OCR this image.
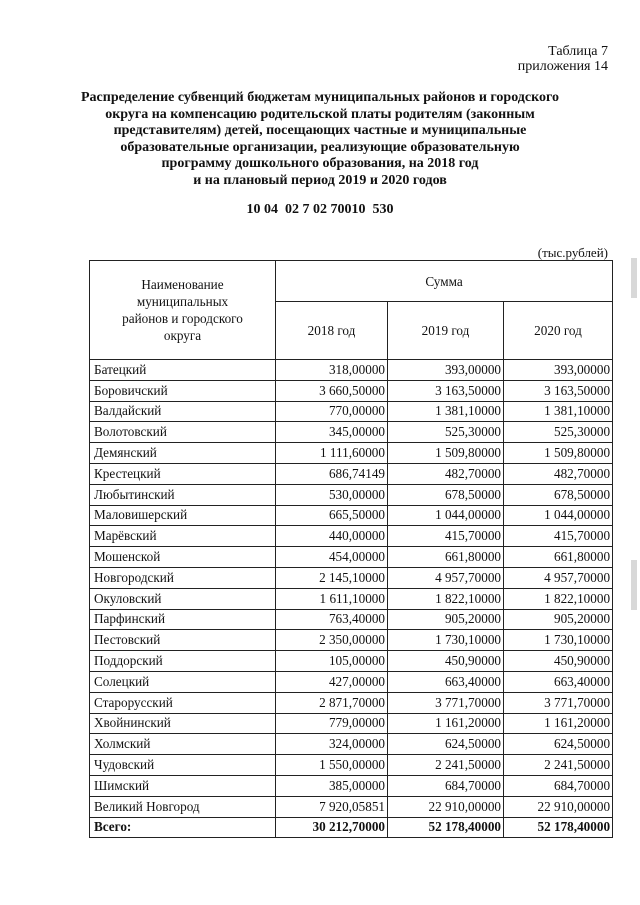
Таблица 7
приложения 14
Распределение субвенций бюджетам муниципальных районов и городского
округа на компенсацию родительской платы родителям (законным
представителям) детей, посещающих частные и муниципальные
образовательные организации, реализующие образовательную
программу дошкольного образования, на 2018 год
и на плановый период 2019 и 2020 годов
10 04  02 7 02 70010  530
(тыс.рублей)
Наименование муниципальных районов и городского округа	Сумма		
	2018 год	2019 год	2020 год
Батецкий	318,00000	393,00000	393,00000
Боровичский	3 660,50000	3 163,50000	3 163,50000
Валдайский	770,00000	1 381,10000	1 381,10000
Волотовский	345,00000	525,30000	525,30000
Демянский	1 111,60000	1 509,80000	1 509,80000
Крестецкий	686,74149	482,70000	482,70000
Любытинский	530,00000	678,50000	678,50000
Маловишерский	665,50000	1 044,00000	1 044,00000
Марёвский	440,00000	415,70000	415,70000
Мошенской	454,00000	661,80000	661,80000
Новгородский	2 145,10000	4 957,70000	4 957,70000
Окуловский	1 611,10000	1 822,10000	1 822,10000
Парфинский	763,40000	905,20000	905,20000
Пестовский	2 350,00000	1 730,10000	1 730,10000
Поддорский	105,00000	450,90000	450,90000
Солецкий	427,00000	663,40000	663,40000
Старорусский	2 871,70000	3 771,70000	3 771,70000
Хвойнинский	779,00000	1 161,20000	1 161,20000
Холмский	324,00000	624,50000	624,50000
Чудовский	1 550,00000	2 241,50000	2 241,50000
Шимский	385,00000	684,70000	684,70000
Великий Новгород	7 920,05851	22 910,00000	22 910,00000
Всего:	30 212,70000	52 178,40000	52 178,40000
